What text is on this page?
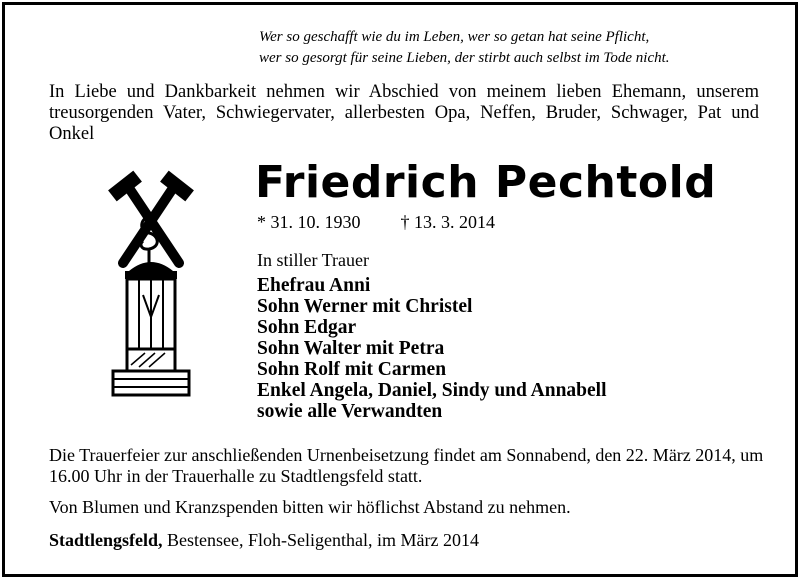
Wer so geschafft wie du im Leben, wer so getan hat seine Pflicht,
wer so gesorgt für seine Lieben, der stirbt auch selbst im Tode nicht.
In Liebe und Dankbarkeit nehmen wir Abschied von meinem lieben Ehemann, unserem treusorgenden Vater, Schwiegervater, allerbesten Opa, Neffen, Bruder, Schwager, Pat und Onkel
Friedrich Pechtold
* 31. 10. 1930 † 13. 3. 2014
In stiller Trauer
Ehefrau Anni
Sohn Werner mit Christel
Sohn Edgar
Sohn Walter mit Petra
Sohn Rolf mit Carmen
Enkel Angela, Daniel, Sindy und Annabell
sowie alle Verwandten
Die Trauerfeier zur anschließenden Urnenbeisetzung findet am Sonnabend, den 22. März 2014, um 16.00 Uhr in der Trauerhalle zu Stadtlengsfeld statt.
Von Blumen und Kranzspenden bitten wir höflichst Abstand zu nehmen.
Stadtlengsfeld, Bestensee, Floh-Seligenthal, im März 2014
